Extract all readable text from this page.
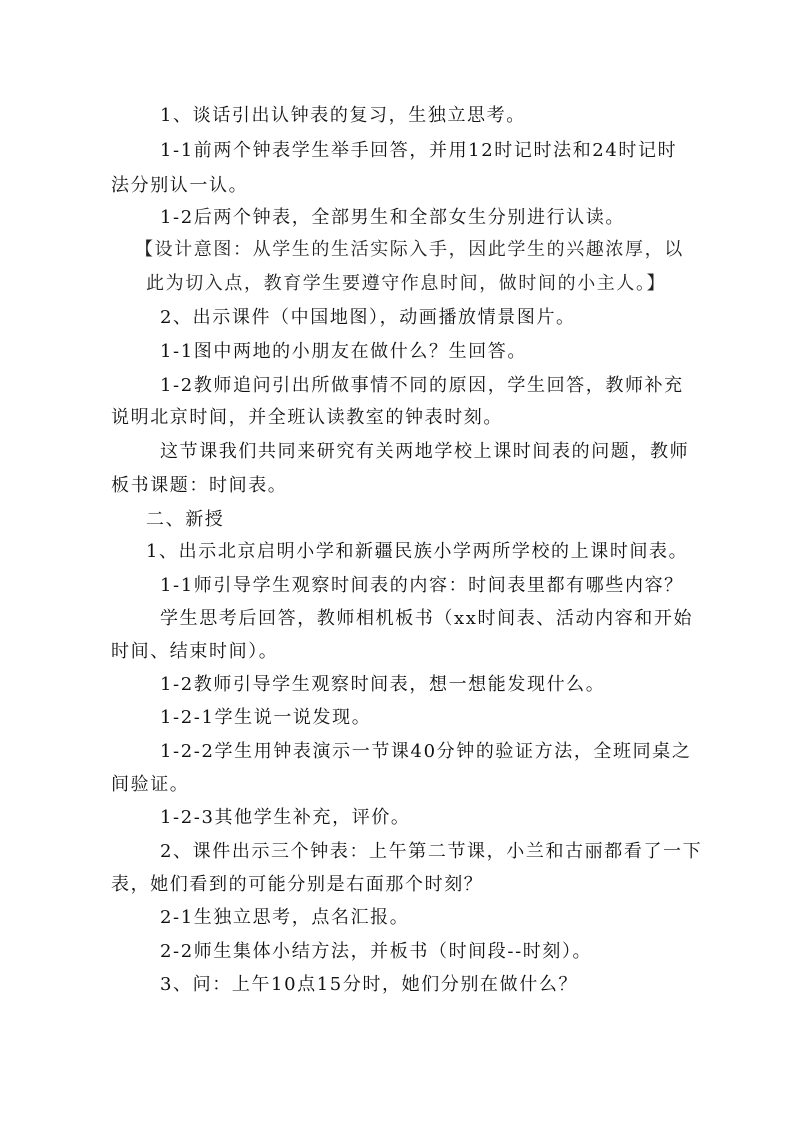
1、谈话引出认钟表的复习，生独立思考。
1-1前两个钟表学生举手回答，并用12时记时法和24时记时
法分别认一认。
1-2后两个钟表，全部男生和全部女生分别进行认读。
【设计意图：从学生的生活实际入手，因此学生的兴趣浓厚，以
此为切入点，教育学生要遵守作息时间，做时间的小主人。】
2、出示课件（中国地图），动画播放情景图片。
1-1图中两地的小朋友在做什么？生回答。
1-2教师追问引出所做事情不同的原因，学生回答，教师补充
说明北京时间，并全班认读教室的钟表时刻。
这节课我们共同来研究有关两地学校上课时间表的问题，教师
板书课题：时间表。
二、新授
1、出示北京启明小学和新疆民族小学两所学校的上课时间表。
1-1师引导学生观察时间表的内容：时间表里都有哪些内容？
学生思考后回答，教师相机板书（xx时间表、活动内容和开始
时间、结束时间）。
1-2教师引导学生观察时间表，想一想能发现什么。
1-2-1学生说一说发现。
1-2-2学生用钟表演示一节课40分钟的验证方法，全班同桌之
间验证。
1-2-3其他学生补充，评价。
2、课件出示三个钟表：上午第二节课，小兰和古丽都看了一下
表，她们看到的可能分别是右面那个时刻？
2-1生独立思考，点名汇报。
2-2师生集体小结方法，并板书（时间段--时刻）。
3、问：上午10点15分时，她们分别在做什么？
